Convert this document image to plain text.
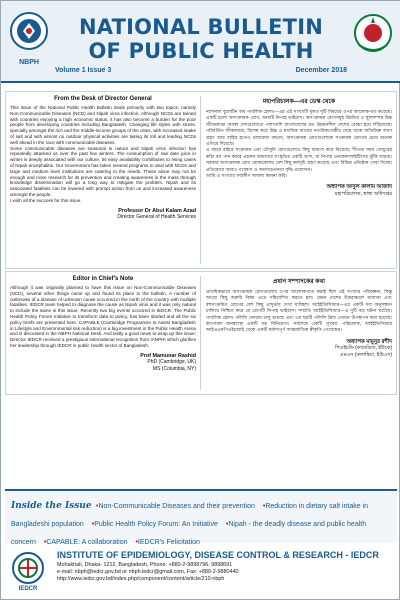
NBPH
NATIONAL BULLETIN
OF PUBLIC HEALTH
Volume 1 Issue 3	December 2018
From the Desk of Director General

This issue of the National Public Health Bulletin deals primarily with two topics, namely Non-Communicable Diseases (NCD) and Nipah virus infection. Although NCDs are twined with countries enjoying a high economic status, it has also become a burden for the poor people from developing countries including Bangladesh. Changing life styles with stress, specially amongst the rich and the middle-income groups of the cities, with increased intake of salt and with almost no outdoor physical activities are taking its toll and leading NCDs well ahead in the race with communicable diseases.

Some communicable diseases are seasonal in nature and Nipah virus infection has repeatedly attacked us over the past few winters. The consumption of raw date juice in winter is deeply associated with our culture. Its easy availability contributes to rising cases of Nipah encephalitis. Our Government has taken several programs to deal with NCDs and large and medium level institutions are catering to the needs. These alone may not be enough and more research for its prevention and creating awareness in the mass through knowledge dissemination will go a long way to mitigate the problem. Nipah and its associated fatalities can be lowered with prompt action from us and increased awareness amongst the people.

I wish all the success for this issue.

Professor Dr Abul Kalam Azad
Director General of Health Services
মহাপরিচালক—এর ডেস্ক থেকে

ন্যাশনাল বুলেটিন অব পাবলিক হেলথ—এর এই সংখ্যাটি মূলত দুটি বিষয়ের ওপর আলোকপাত করেছে। একটি হলো অসংক্রামক রোগ, অন্যটি নিপাহ ভাইরাস। অসংক্রামক রোগসমূহ উন্নতির ও স্থূলসম্পন্ন উচ্চ জীবনযাত্রা অবস্থা দেশগুলোতে পাশাপাশি বাংলাদেশের মত উন্নয়নশীল দেশের বোঝা হয়ে দাঁড়িয়েছে। পরিবর্তিত জীবনধারা, বিশেষ করে উচ্চ ও মধ্যবিত্ত আয়ের নাগরিকগোষ্ঠীর দেহে থাকে অতিরিক্ত লবণ গ্রহণ আর বাহির হতেও চলাফেরা অভাব, অসংক্রামক রোগগুলোকে সংক্রামক রোগের চেয়ে অনেক এগিয়ে দিয়েছে।

এ বছরে বাইরে সংক্রামক এবং মৌসুমি রোগগুলোও কিছু জায়গা করে নিয়েছে। শীতের সময় খেজুরের কাঁচা রস পান করার প্রচলন আমাদের সংস্কৃতির একটি অংশ, যা নিপাহ এনকেফালাইটিসের ঝুঁকি বাড়ায়। সরকার অসংক্রামক রোগ মোকাবেলায় বেশ কিছু কর্মসূচি গ্রহণ করেছে এবং বিভিন্ন প্রতিষ্ঠান সেবা দিচ্ছে। প্রতিরোধে আরও গবেষণা ও জনসচেতনতা বৃদ্ধি প্রয়োজন।

আমি এ সংখ্যার সর্বাঙ্গীণ সাফল্য কামনা করি।

অধ্যাপক আবুল কালাম আজাদ
মহাপরিচালক, স্বাস্থ্য অধিদপ্তর
Editor in Chief's Note

Although it was originally planned to have this issue on Non-Communicable Diseases (NCD), several other things came up and found its place in the bulletin. A number of outbreaks of a disease of unknown cause occurred in the north of the country with multiple fatalities. IEDCR team helped to diagnose the cause as Nipah virus and it was only natural to include the same in this issue. Recently two big events occurred in IEDCR. The Public Health Policy Forum Initiative to transform data to policy, has been started and all the six policy briefs are presented here. CAPABLE (Cambridge Programme to Assist Bangladesh in Lifestyle and Environmental risk reduction) is a big investment in the Public Health Arena and is discussed in the NBPH National Desk. And lastly a good news to wrap up this issue: Director IEDCR received a prestigious international recognition from IANPHI which glorifies her leadership through IEDCR in public health sector of Bangladesh.

Prof Mamunar Rashid
PhD (Cambridge, UK)
MS (Columbia, NY)
প্রধান সম্পাদকের কথা

প্রাথমিকভাবে অসংক্রামক রোগগুলোর ওপর আলোকপাত করাই ছিল এই সংখ্যার পরিকল্পনা, কিন্তু আরো কিছু জরুরি বিষয় এতে সন্নিবেশিত করতে হল। যেমন দেশের উত্তরাঞ্চলে অজানা এবং বহুসংক্রমিত রোগের বেশ কিছু প্রাদুর্ভাব দেখা যাচ্ছিল। আইইডিসিআর—এর একটি দল অনুসন্ধান চালিয়ে নিশ্চিত করে যে রোগটি নিপাহ ভাইরাস। সম্প্রতি আইইডিসিআর—এ দুটি বড় ঘটনা ঘটেছে। পাবলিক হেলথ পলিসি ফোরাম চালু হয়েছে এবং এর ছয়টি পলিসি ব্রিফ এখানে উপস্থাপন করা হয়েছে। ক্যাপাবল জনস্বাস্থ্যে একটি বড় বিনিয়োগ। সর্বশেষে একটি সুখবর: পরিচালক, আইইডিসিআর আইএএনপিএইচআই থেকে একটি মর্যাদাপূর্ণ আন্তর্জাতিক স্বীকৃতি পেয়েছেন।

অধ্যাপক মামুনুর রশীদ
পিএইচডি (ক্যামব্রিজ, ইউকে)
এমএস (কলাম্বিয়া, ইউএস)
Inside the Issue •Non-Communicable Diseases and their prevention •Reduction in dietary salt intake in Bangladeshi population •Public Health Policy Forum: An Initiative •Nipah - the deadly disease and public health concern •CAPABLE: A collaboration •IEDCR's Felicitation
IEDCR
INSTITUTE OF EPIDEMIOLOGY, DISEASE CONTROL & RESEARCH - IEDCR
Mohakhali, Dhaka- 1212, Bangladesh, Phone: +880-2-9898796, 9898691
e-mail: nbph@iedcr.gov.bd or nbph.iedcr@gmail.com, Fax: +880-2-9880440
http://www.iedcr.gov.bd/index.php/component/content/article/210-nbph
